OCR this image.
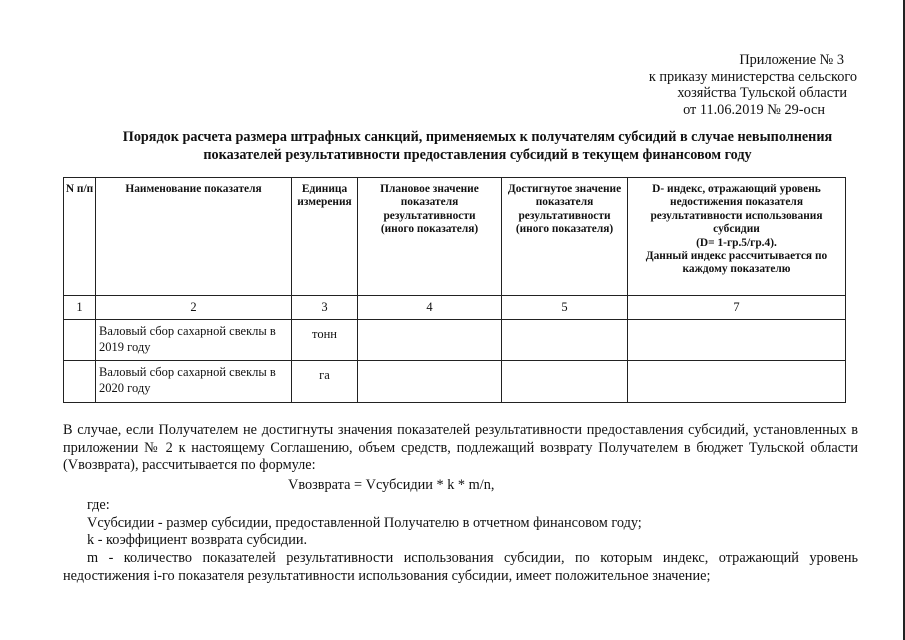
Приложение № 3
к приказу министерства сельского
хозяйства Тульской области
от 11.06.2019 № 29-осн
Порядок расчета размера штрафных санкций, применяемых к получателям субсидий в случае невыполнения
показателей результативности предоставления субсидий в текущем финансовом году
N п/п	Наименование показателя	Единица измерения	Плановое значение показателя результативности (иного показателя)	Достигнутое значение показателя результативности (иного показателя)	D- индекс, отражающий уровень недостижения показателя результативности использования субсидии
(D= 1-гр.5/гр.4).
Данный индекс рассчитывается по каждому показателю

1	2	3	4	5	7
	Валовый сбор сахарной свеклы в 2019 году	тонн			
	Валовый сбор сахарной свеклы в 2020 году	га			

В случае, если Получателем не достигнуты значения показателей результативности предоставления субсидий, установленных в приложении № 2 к настоящему Соглашению, объем средств, подлежащий возврату Получателем в бюджет Тульской области (Vвозврата), рассчитывается по формуле:

Vвозврата = Vсубсидии * k * m/n,

где:

Vсубсидии - размер субсидии, предоставленной Получателю в отчетном финансовом году;

k - коэффициент возврата субсидии.

m - количество показателей результативности использования субсидии, по которым индекс, отражающий уровень недостижения i-го показателя результативности использования субсидии, имеет положительное значение;
